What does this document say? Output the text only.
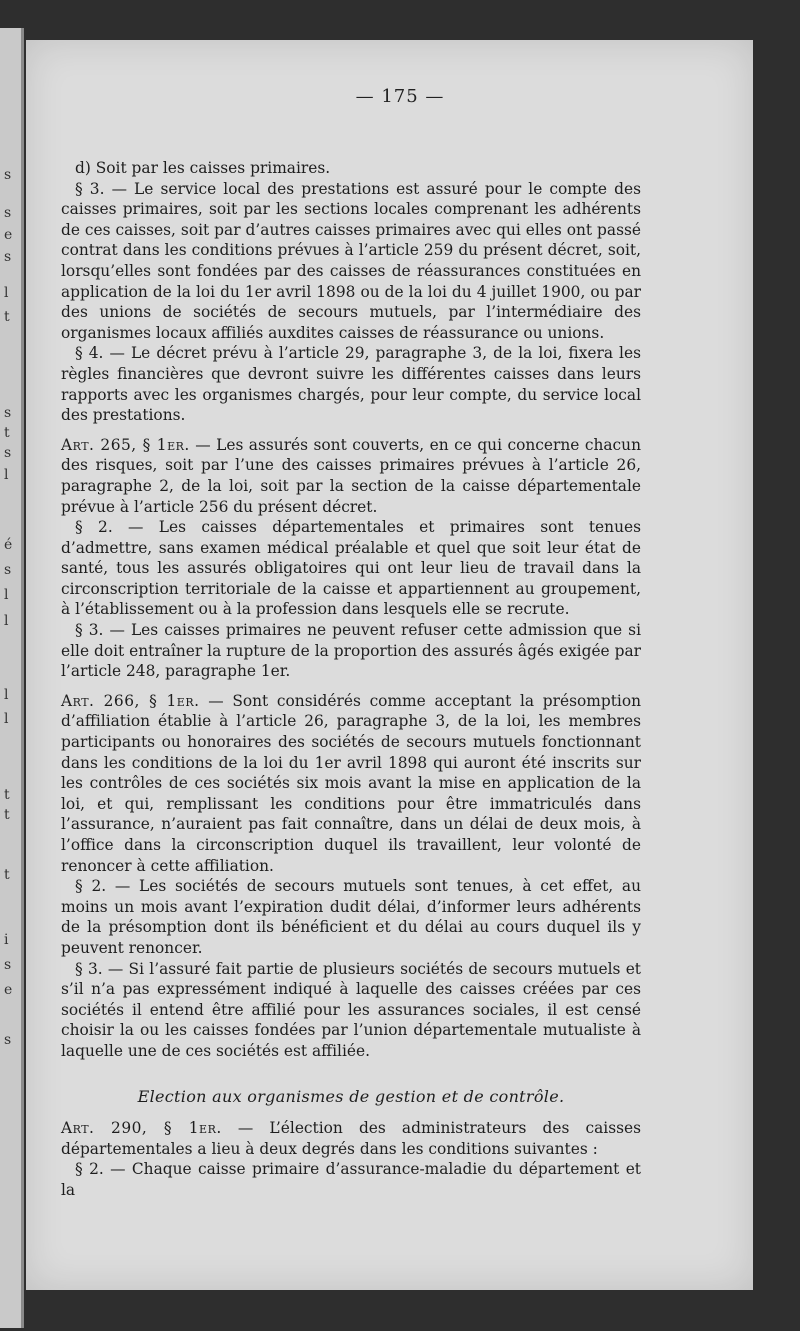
s
s
e
s
l
t
s
t
s
l
é
s
l
l
l
l
t
t
t
i
s
e
s
— 175 —

d) Soit par les caisses primaires.

§ 3. — Le service local des prestations est assuré pour le compte des caisses primaires, soit par les sections locales comprenant les adhérents de ces caisses, soit par d’autres caisses primaires avec qui elles ont passé contrat dans les conditions prévues à l’article 259 du présent décret, soit, lorsqu’elles sont fondées par des caisses de réassurances constituées en application de la loi du 1er avril 1898 ou de la loi du 4 juillet 1900, ou par des unions de sociétés de secours mutuels, par l’intermédiaire des organismes locaux affiliés auxdites caisses de réassurance ou unions.

§ 4. — Le décret prévu à l’article 29, paragraphe 3, de la loi, fixera les règles financières que devront suivre les différentes caisses dans leurs rapports avec les organismes chargés, pour leur compte, du service local des prestations.

Art. 265, § 1er. — Les assurés sont couverts, en ce qui concerne chacun des risques, soit par l’une des caisses primaires prévues à l’article 26, paragraphe 2, de la loi, soit par la section de la caisse départementale prévue à l’article 256 du présent décret.

§ 2. — Les caisses départementales et primaires sont tenues d’admettre, sans examen médical préalable et quel que soit leur état de santé, tous les assurés obligatoires qui ont leur lieu de travail dans la circonscription territoriale de la caisse et appartiennent au groupement, à l’établissement ou à la profession dans lesquels elle se recrute.

§ 3. — Les caisses primaires ne peuvent refuser cette admission que si elle doit entraîner la rupture de la proportion des assurés âgés exigée par l’article 248, paragraphe 1er.

Art. 266, § 1er. — Sont considérés comme acceptant la présomption d’affiliation établie à l’article 26, paragraphe 3, de la loi, les membres participants ou honoraires des sociétés de secours mutuels fonctionnant dans les conditions de la loi du 1er avril 1898 qui auront été inscrits sur les contrôles de ces sociétés six mois avant la mise en application de la loi, et qui, remplissant les conditions pour être immatriculés dans l’assurance, n’auraient pas fait connaître, dans un délai de deux mois, à l’office dans la circonscription duquel ils travaillent, leur volonté de renoncer à cette affiliation.

§ 2. — Les sociétés de secours mutuels sont tenues, à cet effet, au moins un mois avant l’expiration dudit délai, d’informer leurs adhérents de la présomption dont ils bénéficient et du délai au cours duquel ils y peuvent renoncer.

§ 3. — Si l’assuré fait partie de plusieurs sociétés de secours mutuels et s’il n’a pas expressément indiqué à laquelle des caisses créées par ces sociétés il entend être affilié pour les assurances sociales, il est censé choisir la ou les caisses fondées par l’union départementale mutualiste à laquelle une de ces sociétés est affiliée.

Election aux organismes de gestion et de contrôle.

Art. 290, § 1er. — L’élection des administrateurs des caisses départementales a lieu à deux degrés dans les conditions suivantes :

§ 2. — Chaque caisse primaire d’assurance-maladie du département et la
